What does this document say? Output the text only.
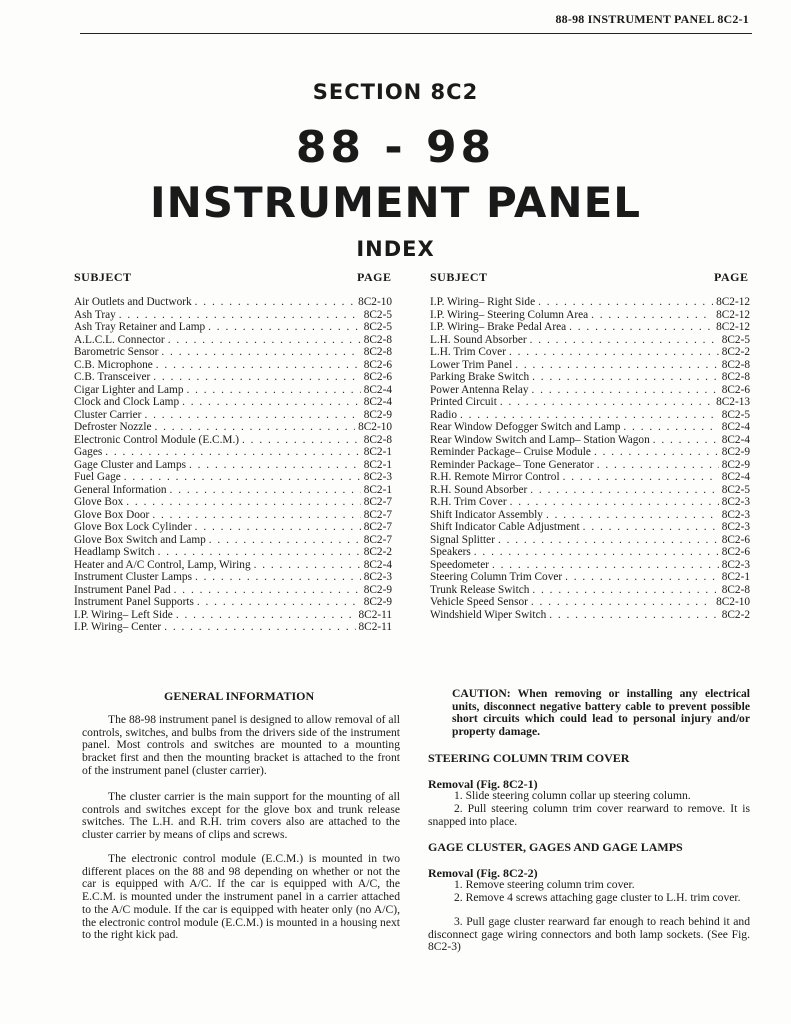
88-98 INSTRUMENT PANEL 8C2-1
SECTION 8C2
88 - 98
INSTRUMENT PANEL
INDEX
SUBJECT	PAGE	SUBJECT	PAGE
Air Outlets and Ductwork . . .	8C2-10
Ash Tray . . .	8C2-5
Ash Tray Retainer and Lamp . . .	8C2-5
A.L.C.L. Connector . . .	8C2-8
Barometric Sensor . . .	8C2-8
C.B. Microphone . . .	8C2-6
C.B. Transceiver . . .	8C2-6
Cigar Lighter and Lamp . . .	8C2-4
Clock and Clock Lamp . . .	8C2-4
Cluster Carrier . . .	8C2-9
Defroster Nozzle . . .	8C2-10
Electronic Control Module (E.C.M.) . . .	8C2-8
Gages . . .	8C2-1
Gage Cluster and Lamps . . .	8C2-1
Fuel Gage . . .	8C2-3
General Information . . .	8C2-1
Glove Box . . .	8C2-7
Glove Box Door . . .	8C2-7
Glove Box Lock Cylinder . . .	8C2-7
Glove Box Switch and Lamp . . .	8C2-7
Headlamp Switch . . .	8C2-2
Heater and A/C Control, Lamp, Wiring . . .	8C2-4
Instrument Cluster Lamps . . .	8C2-3
Instrument Panel Pad . . .	8C2-9
Instrument Panel Supports . . .	8C2-9
I.P. Wiring– Left Side . . .	8C2-11
I.P. Wiring– Center . . .	8C2-11
I.P. Wiring– Right Side . . .	8C2-12
I.P. Wiring– Steering Column Area . . .	8C2-12
I.P. Wiring– Brake Pedal Area . . .	8C2-12
L.H. Sound Absorber . . .	8C2-5
L.H. Trim Cover . . .	8C2-2
Lower Trim Panel . . .	8C2-8
Parking Brake Switch . . .	8C2-8
Power Antenna Relay . . .	8C2-6
Printed Circuit . . .	8C2-13
Radio . . .	8C2-5
Rear Window Defogger Switch and Lamp . . .	8C2-4
Rear Window Switch and Lamp– Station Wagon . . .	8C2-4
Reminder Package– Cruise Module . . .	8C2-9
Reminder Package– Tone Generator . . .	8C2-9
R.H. Remote Mirror Control . . .	8C2-4
R.H. Sound Absorber . . .	8C2-5
R.H. Trim Cover . . .	8C2-3
Shift Indicator Assembly . . .	8C2-3
Shift Indicator Cable Adjustment . . .	8C2-3
Signal Splitter . . .	8C2-6
Speakers . . .	8C2-6
Speedometer . . .	8C2-3
Steering Column Trim Cover . . .	8C2-1
Trunk Release Switch . . .	8C2-8
Vehicle Speed Sensor . . .	8C2-10
Windshield Wiper Switch . . .	8C2-2
GENERAL INFORMATION

The 88-98 instrument panel is designed to allow removal of all controls, switches, and bulbs from the drivers side of the instrument panel. Most controls and switches are mounted to a mounting bracket first and then the mounting bracket is attached to the front of the instrument panel (cluster carrier).

The cluster carrier is the main support for the mounting of all controls and switches except for the glove box and trunk release switches. The L.H. and R.H. trim covers also are attached to the cluster carrier by means of clips and screws.

The electronic control module (E.C.M.) is mounted in two different places on the 88 and 98 depending on whether or not the car is equipped with A/C. If the car is equipped with A/C, the E.C.M. is mounted under the instrument panel in a carrier attached to the A/C module. If the car is equipped with heater only (no A/C), the electronic control module (E.C.M.) is mounted in a housing next to the right kick pad.

CAUTION: When removing or installing any electrical units, disconnect negative battery cable to prevent possible short circuits which could lead to personal injury and/or property damage.

STEERING COLUMN TRIM COVER
Removal (Fig. 8C2-1)

1. Slide steering column collar up steering column.

2. Pull steering column trim cover rearward to remove. It is snapped into place.

GAGE CLUSTER, GAGES AND GAGE LAMPS
Removal (Fig. 8C2-2)

1. Remove steering column trim cover.

2. Remove 4 screws attaching gage cluster to L.H. trim cover.

3. Pull gage cluster rearward far enough to reach behind it and disconnect gage wiring connectors and both lamp sockets. (See Fig. 8C2-3)
